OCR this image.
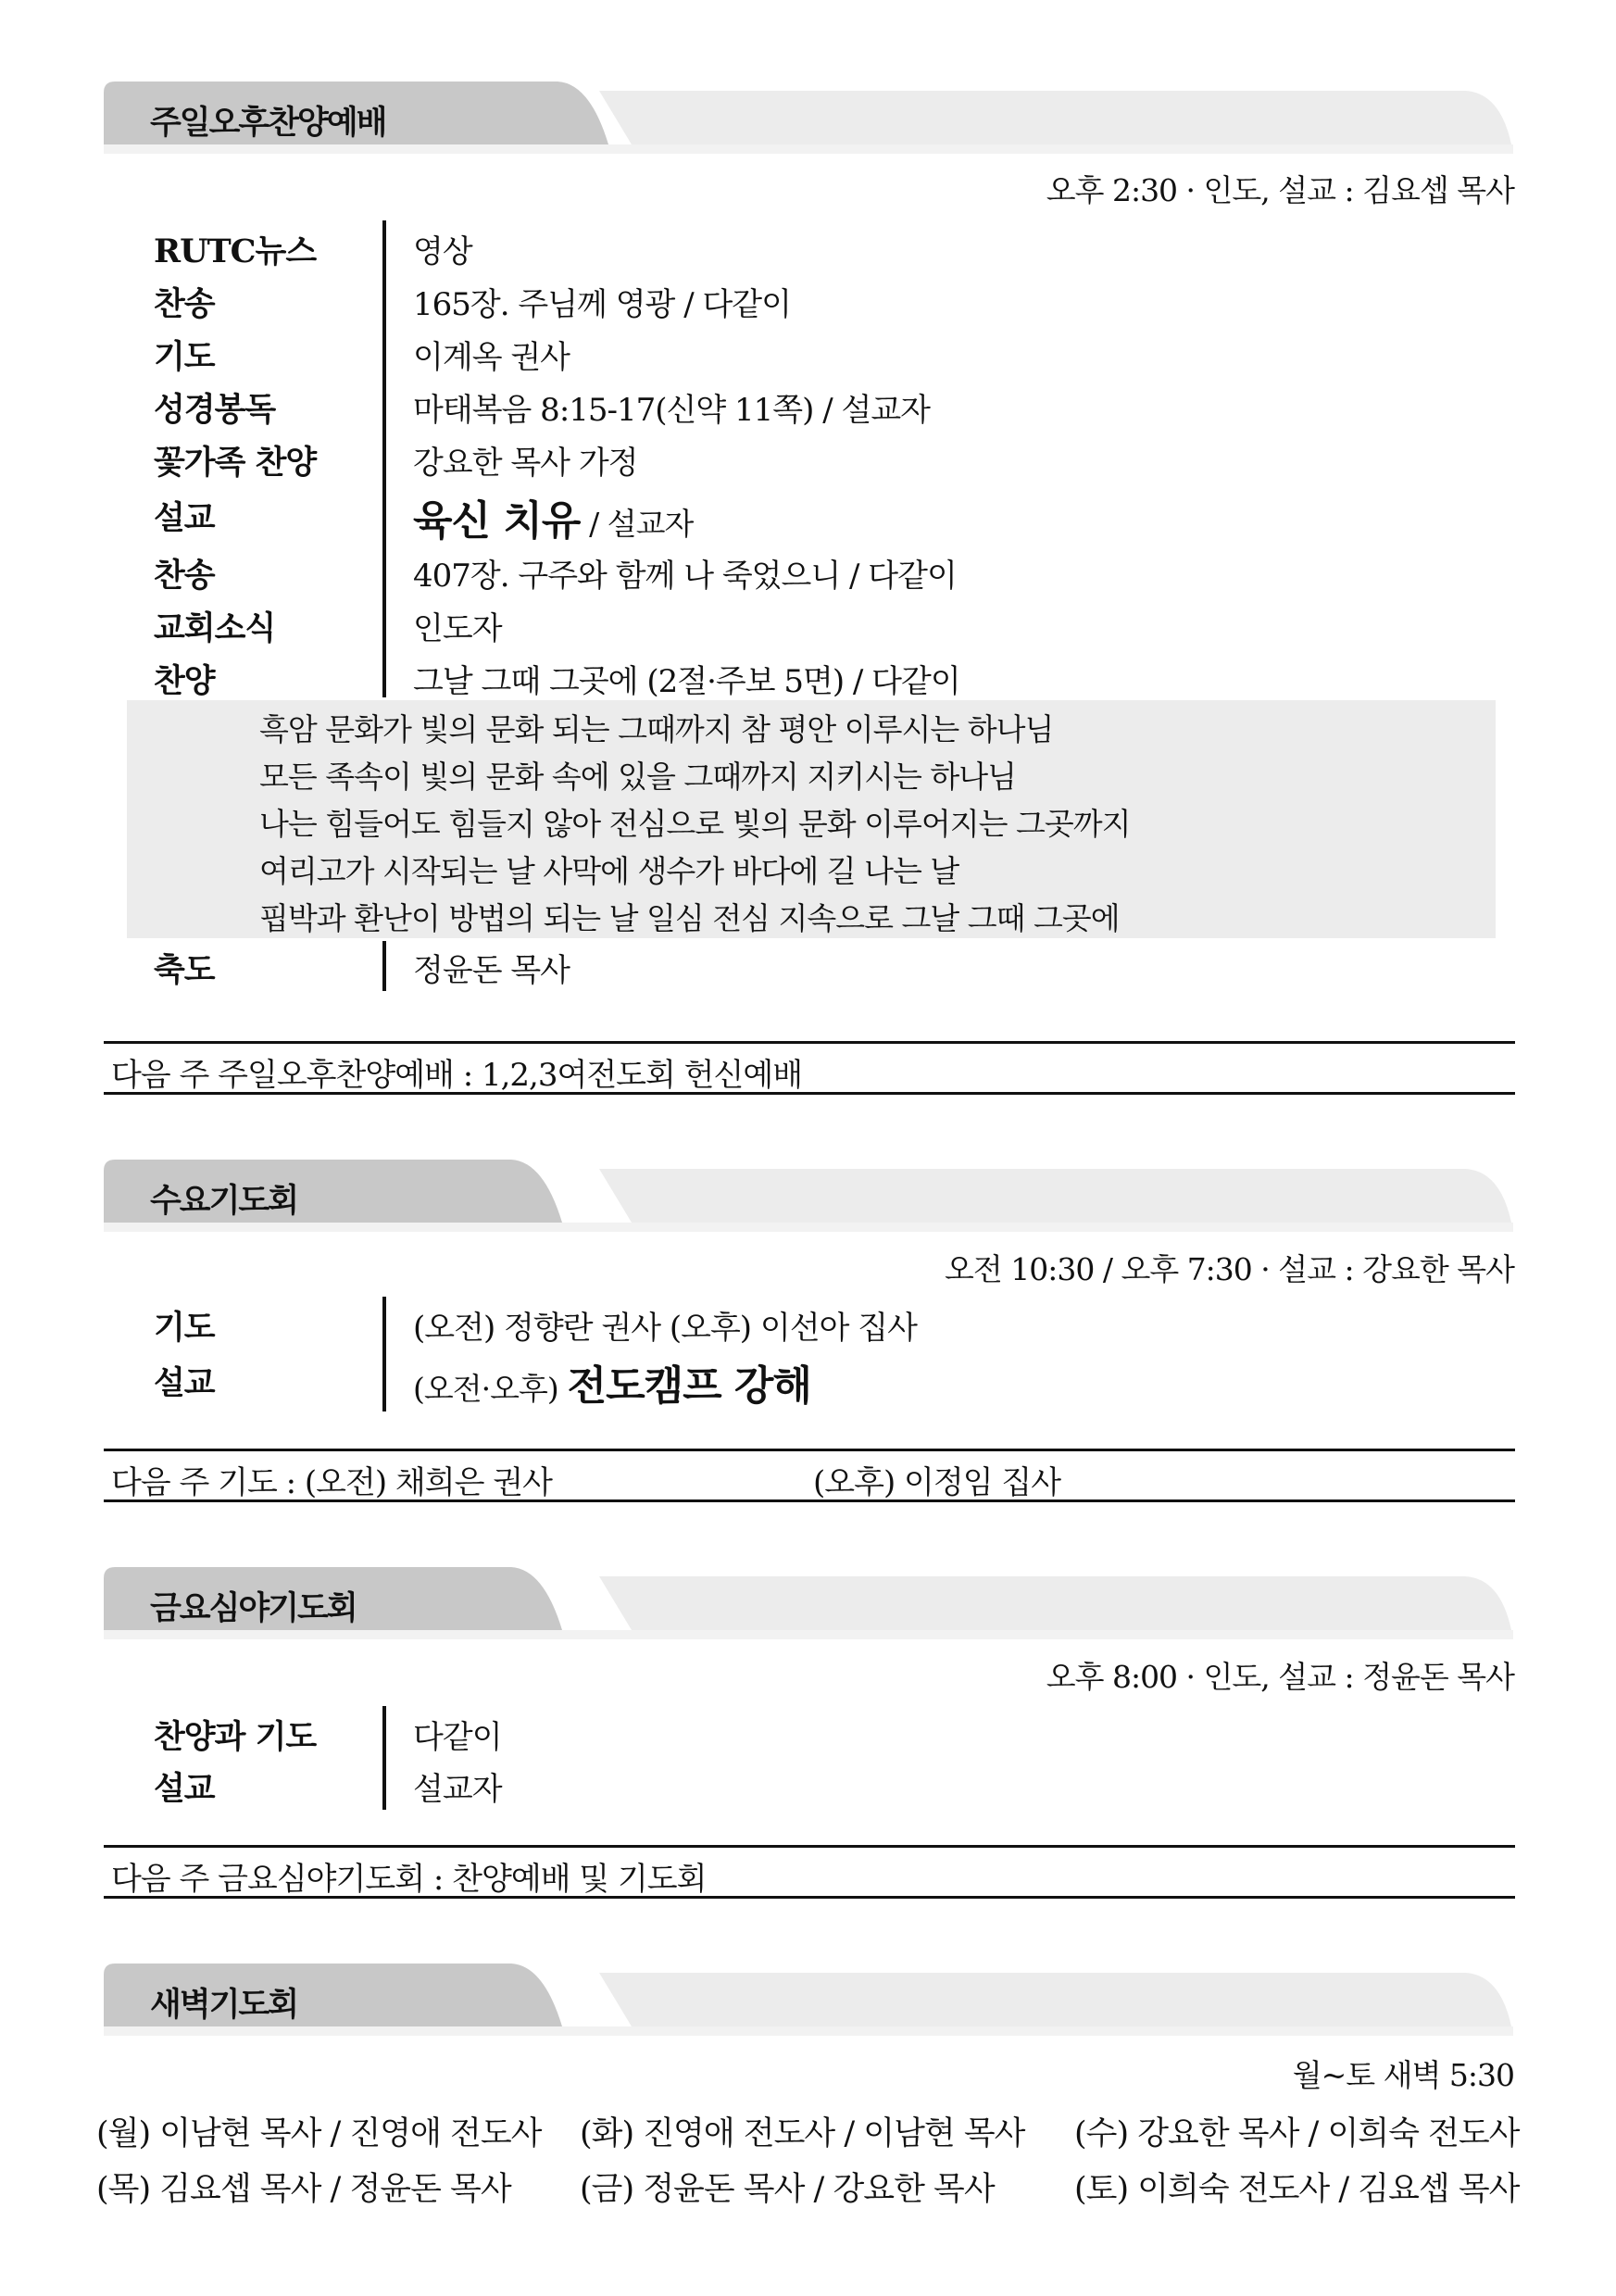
주일오후찬양예배
오후 2:30 · 인도, 설교 : 김요셉 목사
RUTC뉴스	영상
찬송	165장. 주님께 영광 / 다같이
기도	이계옥 권사
성경봉독	마태복음 8:15-17(신약 11쪽) / 설교자
꽃가족 찬양	강요한 목사 가정
설교	육신 치유 / 설교자
찬송	407장. 구주와 함께 나 죽었으니 / 다같이
교회소식	인도자
찬양	그날 그때 그곳에 (2절·주보 5면) / 다같이
흑암 문화가 빛의 문화 되는 그때까지 참 평안 이루시는 하나님
모든 족속이 빛의 문화 속에 있을 그때까지 지키시는 하나님
나는 힘들어도 힘들지 않아 전심으로 빛의 문화 이루어지는 그곳까지
여리고가 시작되는 날 사막에 생수가 바다에 길 나는 날
핍박과 환난이 방법의 되는 날 일심 전심 지속으로 그날 그때 그곳에
축도	정윤돈 목사
다음 주 주일오후찬양예배 : 1,2,3여전도회 헌신예배
수요기도회
오전 10:30 / 오후 7:30 · 설교 : 강요한 목사
기도	(오전) 정향란 권사 (오후) 이선아 집사
설교	(오전·오후) 전도캠프 강해
다음 주 기도 : (오전) 채희은 권사	(오후) 이정임 집사
금요심야기도회
오후 8:00 · 인도, 설교 : 정윤돈 목사
찬양과 기도	다같이
설교	설교자
다음 주 금요심야기도회 : 찬양예배 및 기도회
새벽기도회
월~토 새벽 5:30
(월) 이남현 목사 / 진영애 전도사 (화) 진영애 전도사 / 이남현 목사 (수) 강요한 목사 / 이희숙 전도사
(목) 김요셉 목사 / 정윤돈 목사 (금) 정윤돈 목사 / 강요한 목사 (토) 이희숙 전도사 / 김요셉 목사
